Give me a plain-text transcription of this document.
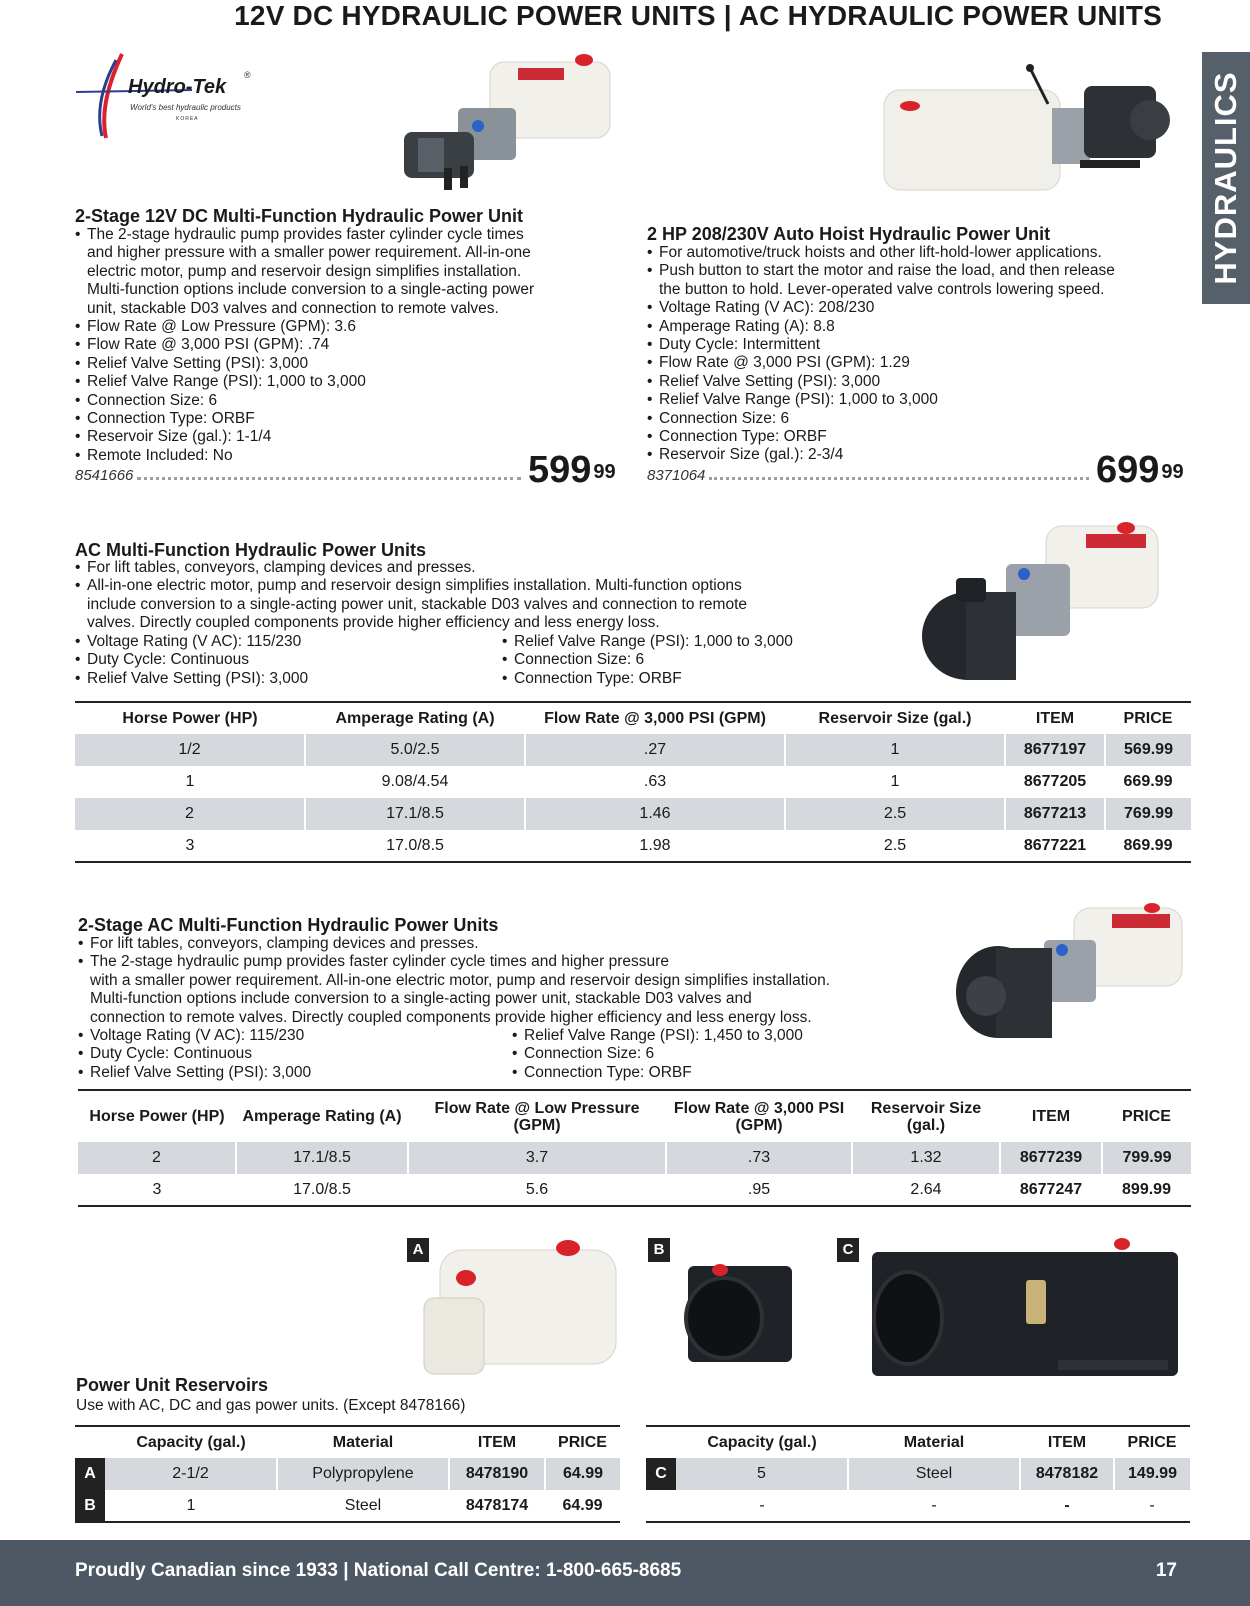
12V DC HYDRAULIC POWER UNITS | AC HYDRAULIC POWER UNITS
HYDRAULICS
Hydro-Tek
®
World's best hydraulic products
KOREA
2-Stage 12V DC Multi-Function Hydraulic Power Unit
• The 2-stage hydraulic pump provides faster cylinder cycle times
and higher pressure with a smaller power requirement. All-in-one
electric motor, pump and reservoir design simplifies installation.
Multi-function options include conversion to a single-acting power
unit, stackable D03 valves and connection to remote valves.
• Flow Rate @ Low Pressure (GPM): 3.6
• Flow Rate @ 3,000 PSI (GPM): .74
• Relief Valve Setting (PSI): 3,000
• Relief Valve Range (PSI): 1,000 to 3,000
• Connection Size: 6
• Connection Type: ORBF
• Reservoir Size (gal.): 1-1/4
• Remote Included: No
8541666	599 $^{99}$
2 HP 208/230V Auto Hoist Hydraulic Power Unit
• For automotive/truck hoists and other lift-hold-lower applications.
• Push button to start the motor and raise the load, and then release
the button to hold. Lever-operated valve controls lowering speed.
• Voltage Rating (V AC): 208/230
• Amperage Rating (A): 8.8
• Duty Cycle: Intermittent
• Flow Rate @ 3,000 PSI (GPM): 1.29
• Relief Valve Setting (PSI): 3,000
• Relief Valve Range (PSI): 1,000 to 3,000
• Connection Size: 6
• Connection Type: ORBF
• Reservoir Size (gal.): 2-3/4
8371064	699 $^{99}$
AC Multi-Function Hydraulic Power Units
• For lift tables, conveyors, clamping devices and presses.
• All-in-one electric motor, pump and reservoir design simplifies installation. Multi-function options
include conversion to a single-acting power unit, stackable D03 valves and connection to remote
valves. Directly coupled components provide higher efficiency and less energy loss.
• Voltage Rating (V AC): 115/230
• Duty Cycle: Continuous
• Relief Valve Setting (PSI): 3,000
• Relief Valve Range (PSI): 1,000 to 3,000
• Connection Size: 6
• Connection Type: ORBF
Horse Power (HP)	Amperage Rating (A)	Flow Rate @ 3,000 PSI (GPM)	Reservoir Size (gal.)	ITEM	PRICE
1/2	5.0/2.5	.27	1	8677197	569.99
1	9.08/4.54	.63	1	8677205	669.99
2	17.1/8.5	1.46	2.5	8677213	769.99
3	17.0/8.5	1.98	2.5	8677221	869.99
2-Stage AC Multi-Function Hydraulic Power Units
• For lift tables, conveyors, clamping devices and presses.
• The 2-stage hydraulic pump provides faster cylinder cycle times and higher pressure
with a smaller power requirement. All-in-one electric motor, pump and reservoir design simplifies installation.
Multi-function options include conversion to a single-acting power unit, stackable D03 valves and
connection to remote valves. Directly coupled components provide higher efficiency and less energy loss.
• Voltage Rating (V AC): 115/230
• Duty Cycle: Continuous
• Relief Valve Setting (PSI): 3,000
• Relief Valve Range (PSI): 1,450 to 3,000
• Connection Size: 6
• Connection Type: ORBF
Horse Power (HP)	Amperage Rating (A)	Flow Rate @ Low Pressure (GPM)	Flow Rate @ 3,000 PSI (GPM)	Reservoir Size (gal.)	ITEM	PRICE
2	17.1/8.5	3.7	.73	1.32	8677239	799.99
3	17.0/8.5	5.6	.95	2.64	8677247	899.99
A	B	C
Power Unit Reservoirs
Use with AC, DC and gas power units. (Except 8478166)
	Capacity (gal.)	Material	ITEM	PRICE
A	2-1/2	Polypropylene	8478190	64.99
B	1	Steel	8478174	64.99
	Capacity (gal.)	Material	ITEM	PRICE
C	5	Steel	8478182	149.99
	-	-	-	-
Proudly Canadian since 1933 | National Call Centre: 1-800-665-8685	17
